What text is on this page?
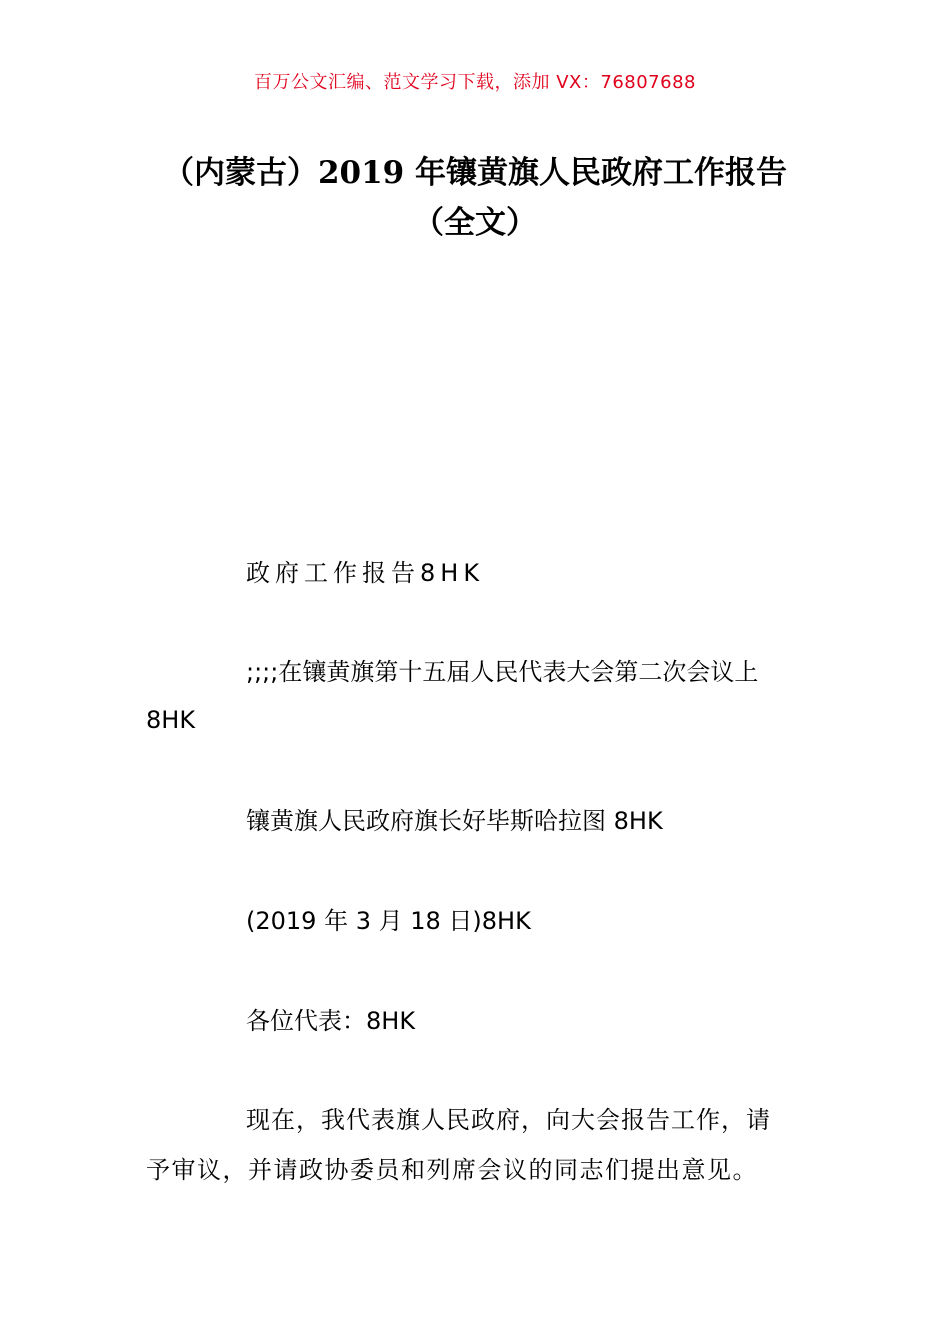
百万公文汇编、范文学习下载，添加 VX：76807688
（内蒙古）2019 年镶黄旗人民政府工作报告（全文）
政府工作报告8HK
;;;;在镶黄旗第十五届人民代表大会第二次会议上
8HK
镶黄旗人民政府旗长好毕斯哈拉图 8HK
(2019 年 3 月 18 日)8HK
各位代表：8HK
现在，我代表旗人民政府，向大会报告工作，请
予审议，并请政协委员和列席会议的同志们提出意见。
